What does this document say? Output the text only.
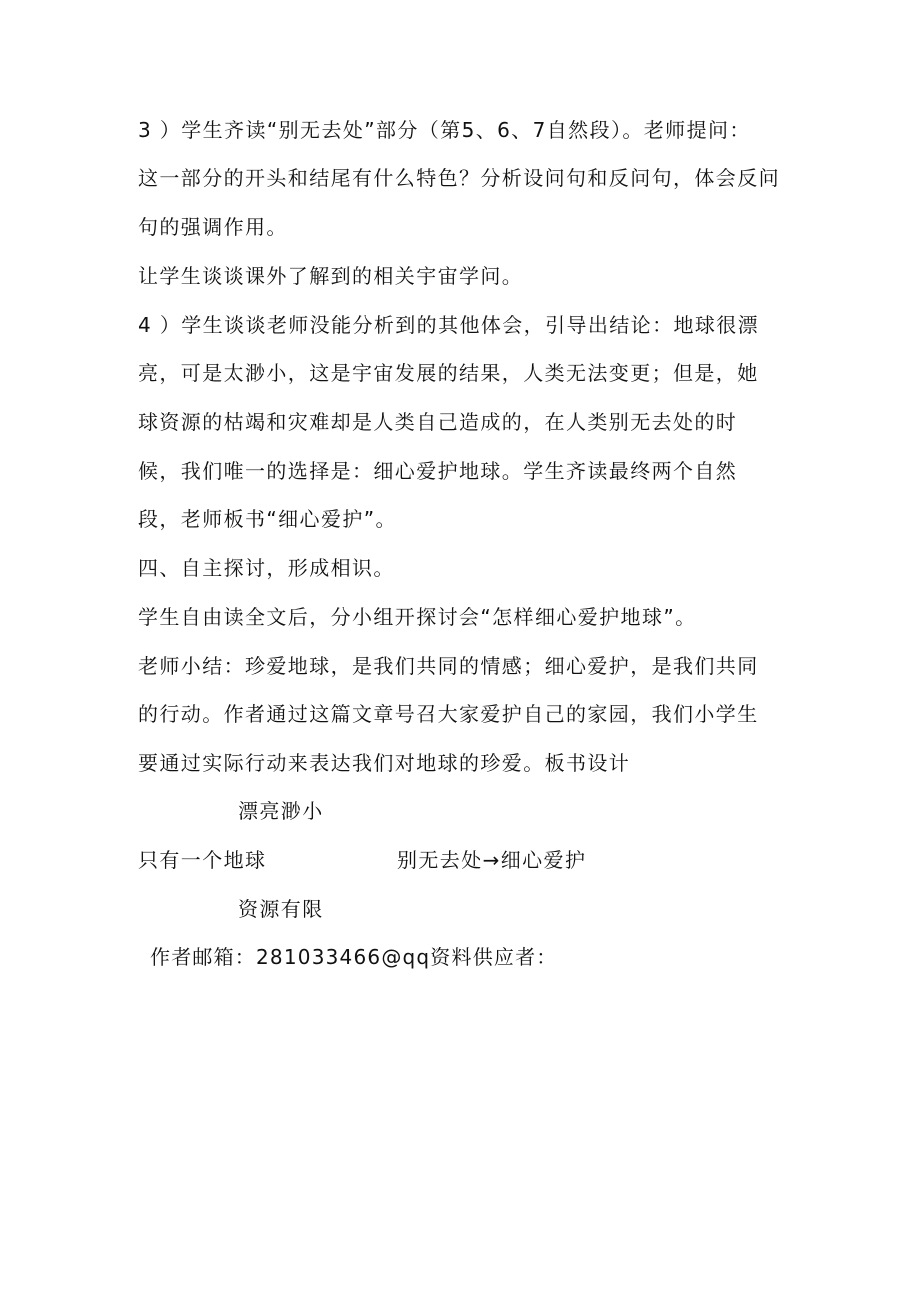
3 ）学生齐读“别无去处”部分（第5、6、7自然段）。老师提问：
这一部分的开头和结尾有什么特色？分析设问句和反问句，体会反问
句的强调作用。
让学生谈谈课外了解到的相关宇宙学问。
4 ）学生谈谈老师没能分析到的其他体会，引导出结论：地球很漂
亮，可是太渺小，这是宇宙发展的结果，人类无法变更；但是，她
球资源的枯竭和灾难却是人类自己造成的，在人类别无去处的时
候，我们唯一的选择是：细心爱护地球。学生齐读最终两个自然
段，老师板书“细心爱护”。
四、自主探讨，形成相识。
学生自由读全文后，分小组开探讨会“怎样细心爱护地球”。
老师小结：珍爱地球，是我们共同的情感；细心爱护，是我们共同
的行动。作者通过这篇文章号召大家爱护自己的家园，我们小学生
要通过实际行动来表达我们对地球的珍爱。板书设计
漂亮渺小
只有一个地球	别无去处→细心爱护
资源有限
作者邮箱：281033466@qq资料供应者：
